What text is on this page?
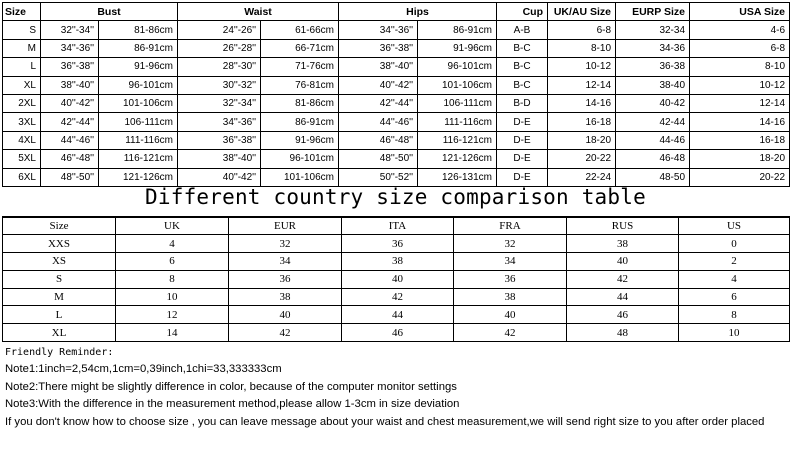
Size	Bust		Waist		Hips		Cup	UK/AU Size	EURP Size	USA Size
S	32''-34''	81-86cm	24''-26''	61-66cm	34''-36''	86-91cm	A-B	6-8	32-34	4-6
M	34''-36''	86-91cm	26''-28''	66-71cm	36''-38''	91-96cm	B-C	8-10	34-36	6-8
L	36''-38''	91-96cm	28''-30''	71-76cm	38''-40''	96-101cm	B-C	10-12	36-38	8-10
XL	38''-40''	96-101cm	30''-32''	76-81cm	40''-42''	101-106cm	B-C	12-14	38-40	10-12
2XL	40''-42''	101-106cm	32''-34''	81-86cm	42''-44''	106-111cm	B-D	14-16	40-42	12-14
3XL	42''-44''	106-111cm	34''-36''	86-91cm	44''-46''	111-116cm	D-E	16-18	42-44	14-16
4XL	44''-46''	111-116cm	36''-38''	91-96cm	46''-48''	116-121cm	D-E	18-20	44-46	16-18
5XL	46''-48''	116-121cm	38''-40''	96-101cm	48''-50''	121-126cm	D-E	20-22	46-48	18-20
6XL	48''-50''	121-126cm	40''-42''	101-106cm	50''-52''	126-131cm	D-E	22-24	48-50	20-22
Different country size comparison table
Size	UK	EUR	ITA	FRA	RUS	US
XXS	4	32	36	32	38	0
XS	6	34	38	34	40	2
S	8	36	40	36	42	4
M	10	38	42	38	44	6
L	12	40	44	40	46	8
XL	14	42	46	42	48	10
Friendly Reminder:
Note1:1inch=2,54cm,1cm=0,39inch,1chi=33,333333cm
Note2:There might be slightly difference in color, because of the computer monitor settings
Note3:With the difference in the measurement method,please allow 1-3cm in size deviation
If you don't know how to choose size , you can leave message about your waist and chest measurement,we will send right size to you after order placed
